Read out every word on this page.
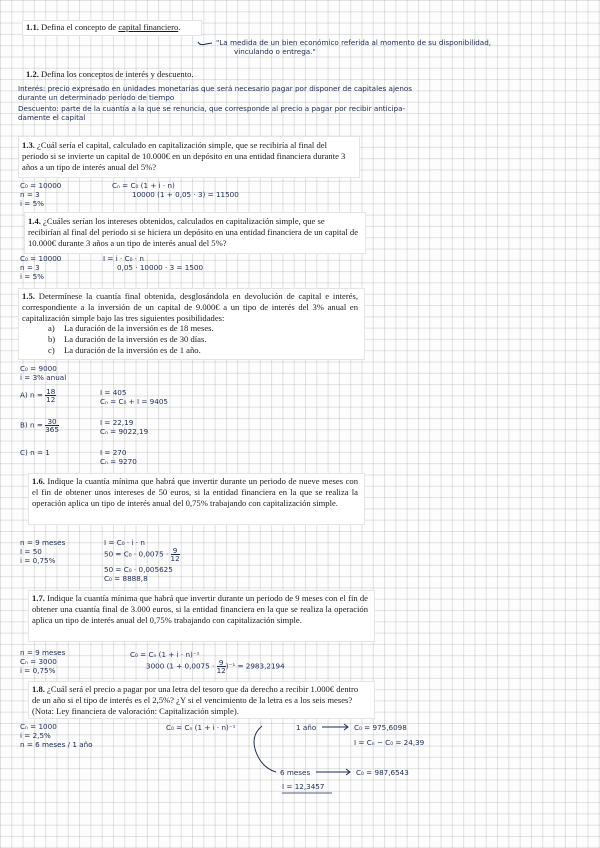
1.1. Defina el concepto de capital financiero.
"La medida de un bien económico referida al momento de su disponibilidad,
vinculando o entrega."
1.2. Defina los conceptos de interés y descuento.
Interés: precio expresado en unidades monetarias que será necesario pagar por disponer de capitales ajenos
durante un determinado período de tiempo
Descuento: parte de la cuantía a la que se renuncia, que corresponde al precio a pagar por recibir anticipa-
damente el capital
1.3. ¿Cuál sería el capital, calculado en capitalización simple, que se recibiría al final del periodo si se invierte un capital de 10.000€ en un depósito en una entidad financiera durante 3 años a un tipo de interés anual del 5%?
C₀ = 10000
n = 3
i = 5%
Cₙ = C₀ (1 + i · n)
10000 (1 + 0,05 · 3) = 11500
1.4. ¿Cuáles serían los intereses obtenidos, calculados en capitalización simple, que se recibirían al final del periodo si se hiciera un depósito en una entidad financiera de un capital de 10.000€ durante 3 años a un tipo de interés anual del 5%?
C₀ = 10000
n = 3
i = 5%
I = i · C₀ · n
0,05 · 10000 · 3 = 1500
1.5. Determínese la cuantía final obtenida, desglosándola en devolución de capital e interés, correspondiente a la inversión de un capital de 9.000€ a un tipo de interés del 3% anual en capitalización simple bajo las tres siguientes posibilidades:
a) La duración de la inversión es de 18 meses.
b) La duración de la inversión es de 30 días.
c) La duración de la inversión es de 1 año.
C₀ = 9000
i = 3% anual
A) $n = \frac{18}{12}$	I = 405
Cₙ = C₀ + I = 9405
B) $n = \frac{30}{365}$	I = 22,19
Cₙ = 9022,19
C) n = 1	I = 270
Cₙ = 9270
1.6. Indique la cuantía mínima que habrá que invertir durante un periodo de nueve meses con el fin de obtener unos intereses de 50 euros, si la entidad financiera en la que se realiza la operación aplica un tipo de interés anual del 0,75% trabajando con capitalización simple.
n = 9 meses
I = 50
i = 0,75%
I = C₀ · i · n
$50 = C_0 \cdot 0,0075 \cdot \frac{9}{12}$
50 = C₀ · 0,005625
C₀ = 8888,8
1.7. Indique la cuantía mínima que habrá que invertir durante un periodo de 9 meses con el fin de obtener una cuantía final de 3.000 euros, si la entidad financiera en la que se realiza la operación aplica un tipo de interés anual del 0,75% trabajando con capitalización simple.
n = 9 meses
Cₙ = 3000
i = 0,75%
C₀ = Cₙ (1 + i · n)⁻¹
3000 $(1 + 0,0075 \cdot \frac{9}{12} )^{-1} = 2983,2194$
1.8. ¿Cuál será el precio a pagar por una letra del tesoro que da derecho a recibir 1.000€ dentro de un año si el tipo de interés es el 2,5%? ¿Y si el vencimiento de la letra es a los seis meses? (Nota: Ley financiera de valoración: Capitalización simple).
Cₙ = 1000
i = 2,5%
n = 6 meses / 1 año
C₀ = Cₙ (1 + i · n)⁻¹	1 año	C₀ = 975,6098
I = Cₙ − C₀ = 24,39
6 meses	C₀ = 987,6543
I = 12,3457
